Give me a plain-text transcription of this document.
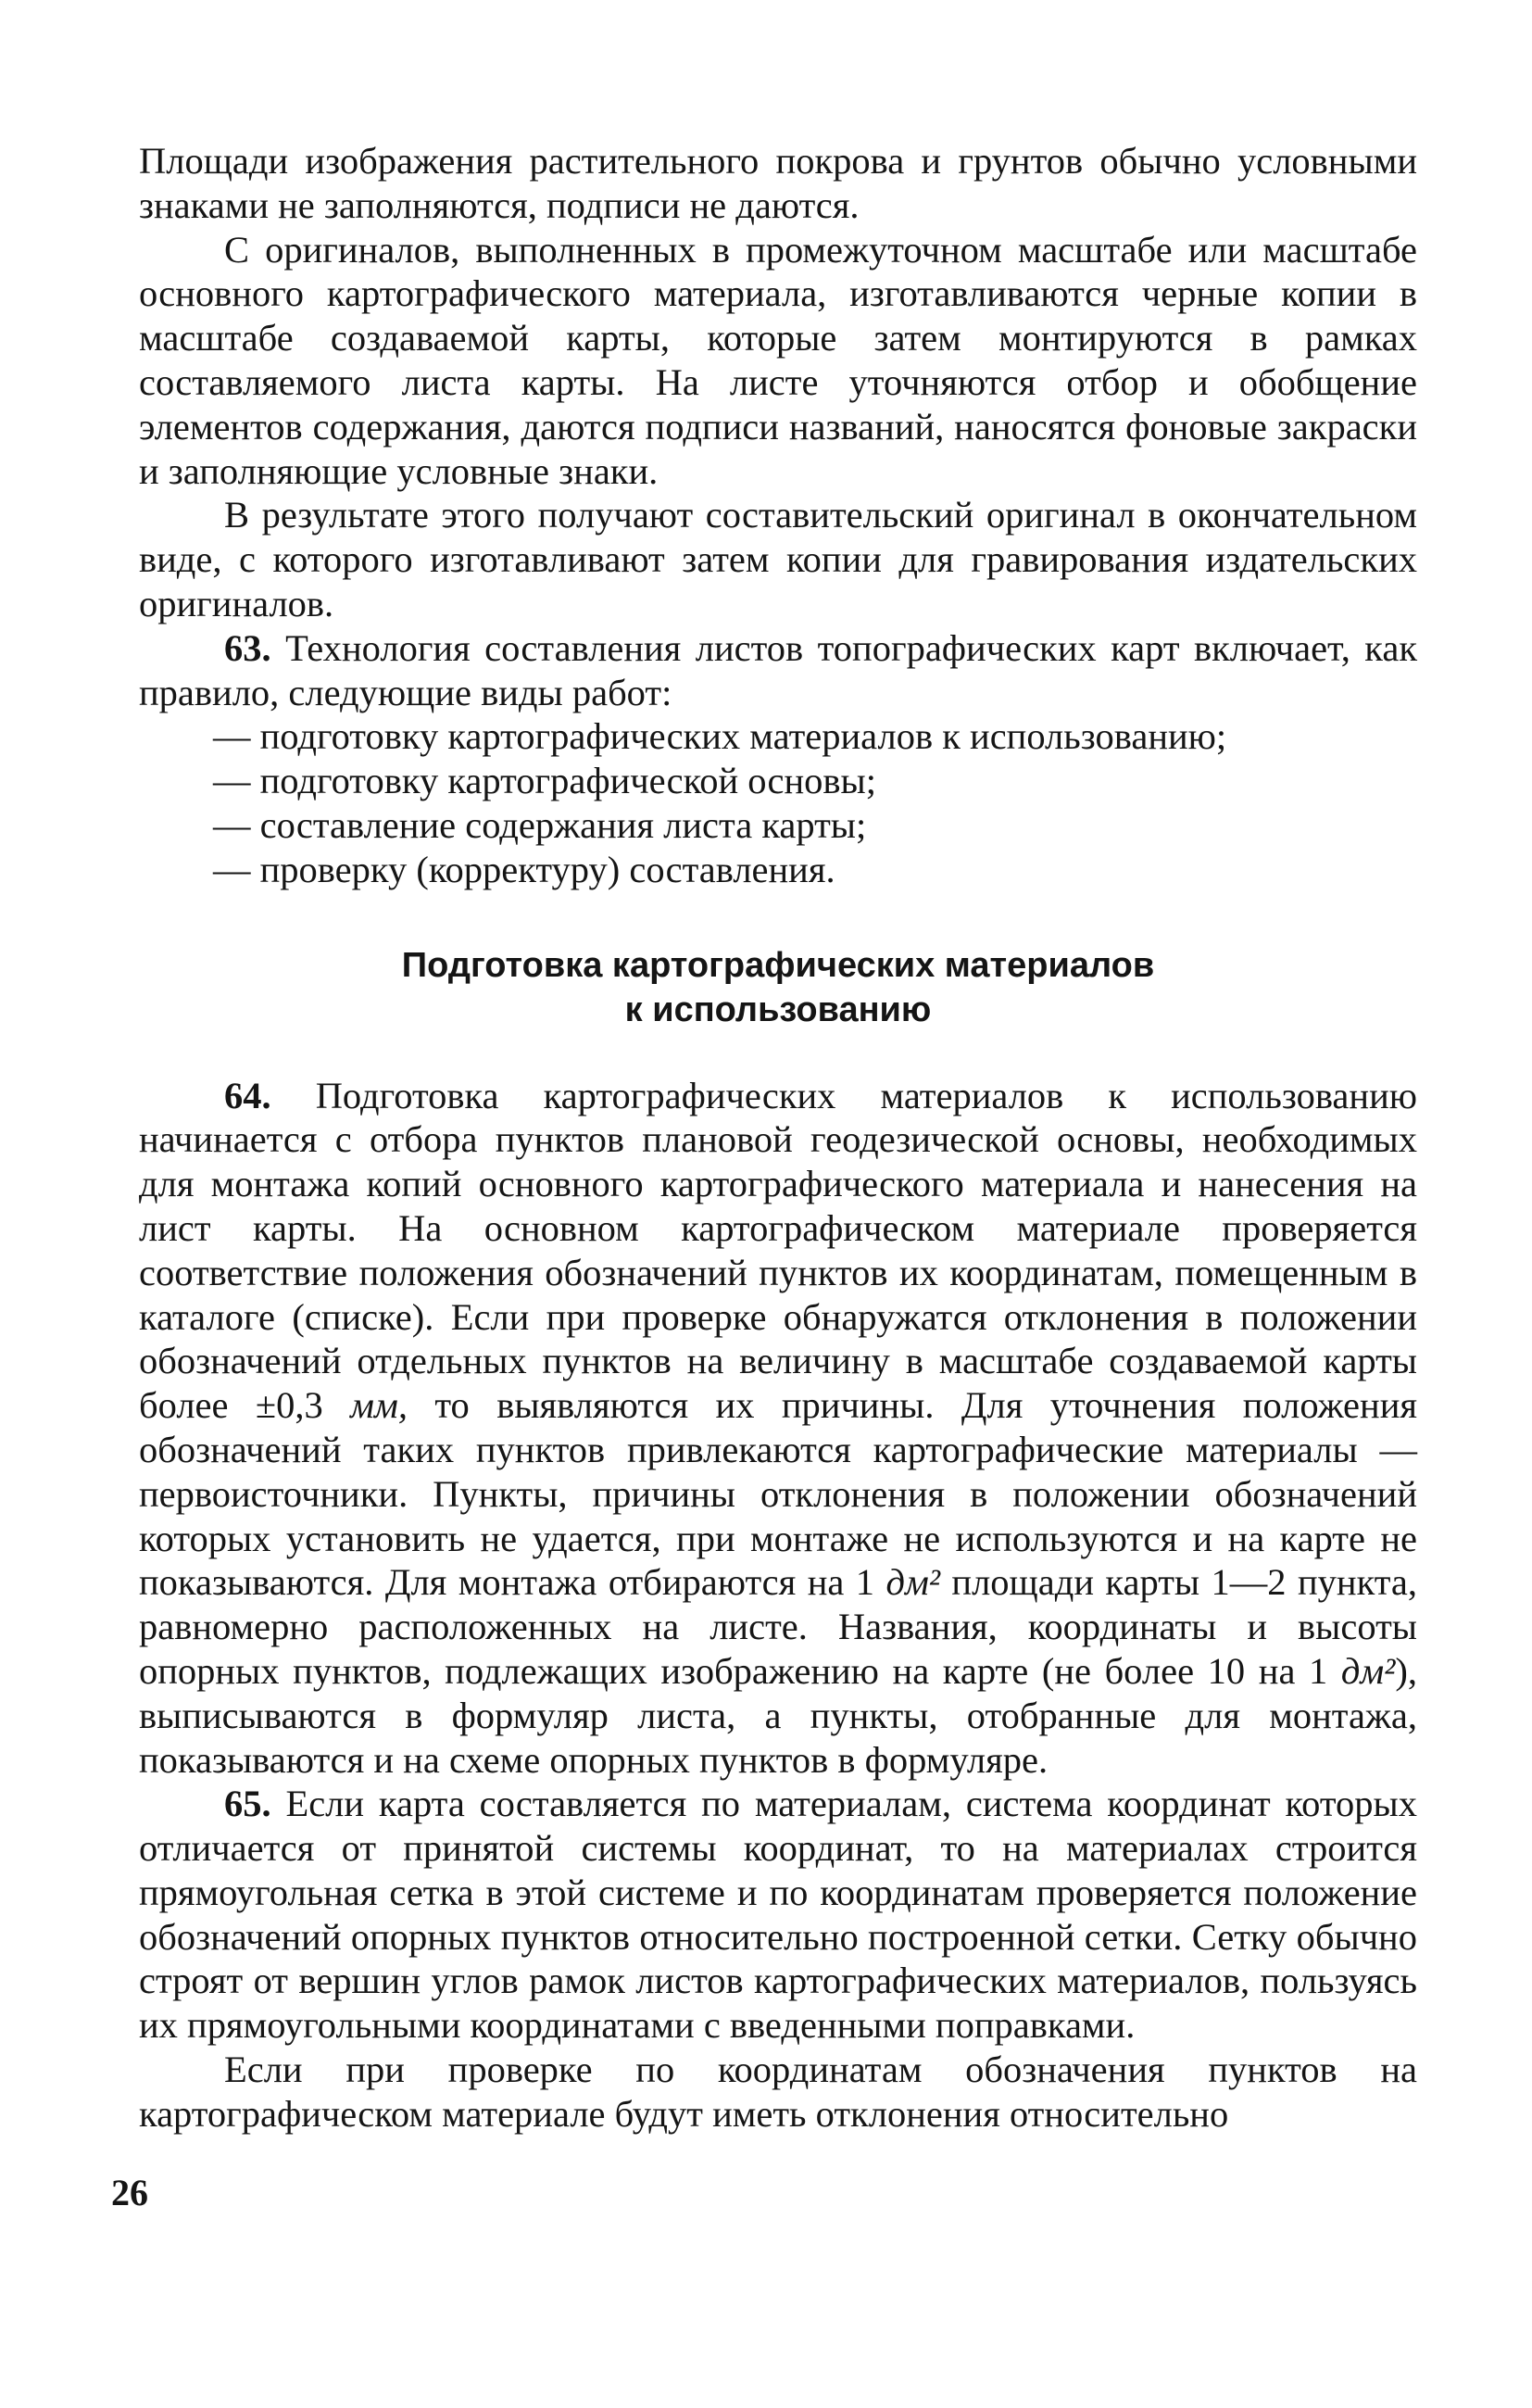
Площади изображения растительного покрова и грунтов обычно условными знаками не заполняются, подписи не даются.

С оригиналов, выполненных в промежуточном масштабе или масштабе основного картографического материала, изготавливаются черные копии в масштабе создаваемой карты, которые затем монтируются в рамках составляемого листа карты. На листе уточняются отбор и обобщение элементов содержания, даются подписи названий, наносятся фоновые закраски и заполняющие условные знаки.

В результате этого получают составительский оригинал в окончательном виде, с которого изготавливают затем копии для гравирования издательских оригиналов.

63. Технология составления листов топографических карт включает, как правило, следующие виды работ:

— подготовку картографических материалов к использованию;
— подготовку картографической основы;
— составление содержания листа карты;
— проверку (корректуру) составления.
Подготовка картографических материалов
к использованию

64. Подготовка картографических материалов к использованию начинается с отбора пунктов плановой геодезической основы, необходимых для монтажа копий основного картографического материала и нанесения на лист карты. На основном картографическом материале проверяется соответствие положения обозначений пунктов их координатам, помещенным в каталоге (списке). Если при проверке обнаружатся отклонения в положении обозначений отдельных пунктов на величину в масштабе создаваемой карты более ±0,3 мм, то выявляются их причины. Для уточнения положения обозначений таких пунктов привлекаются картографические материалы — первоисточники. Пункты, причины отклонения в положении обозначений которых установить не удается, при монтаже не используются и на карте не показываются. Для монтажа отбираются на 1 дм² площади карты 1—2 пункта, равномерно расположенных на листе. Названия, координаты и высоты опорных пунктов, подлежащих изображению на карте (не более 10 на 1 дм²), выписываются в формуляр листа, а пункты, отобранные для монтажа, показываются и на схеме опорных пунктов в формуляре.

65. Если карта составляется по материалам, система координат которых отличается от принятой системы координат, то на материалах строится прямоугольная сетка в этой системе и по координатам проверяется положение обозначений опорных пунктов относительно построенной сетки. Сетку обычно строят от вершин углов рамок листов картографических материалов, пользуясь их прямоугольными координатами с введенными поправками.

Если при проверке по координатам обозначения пунктов на картографическом материале будут иметь отклонения относительно

26
